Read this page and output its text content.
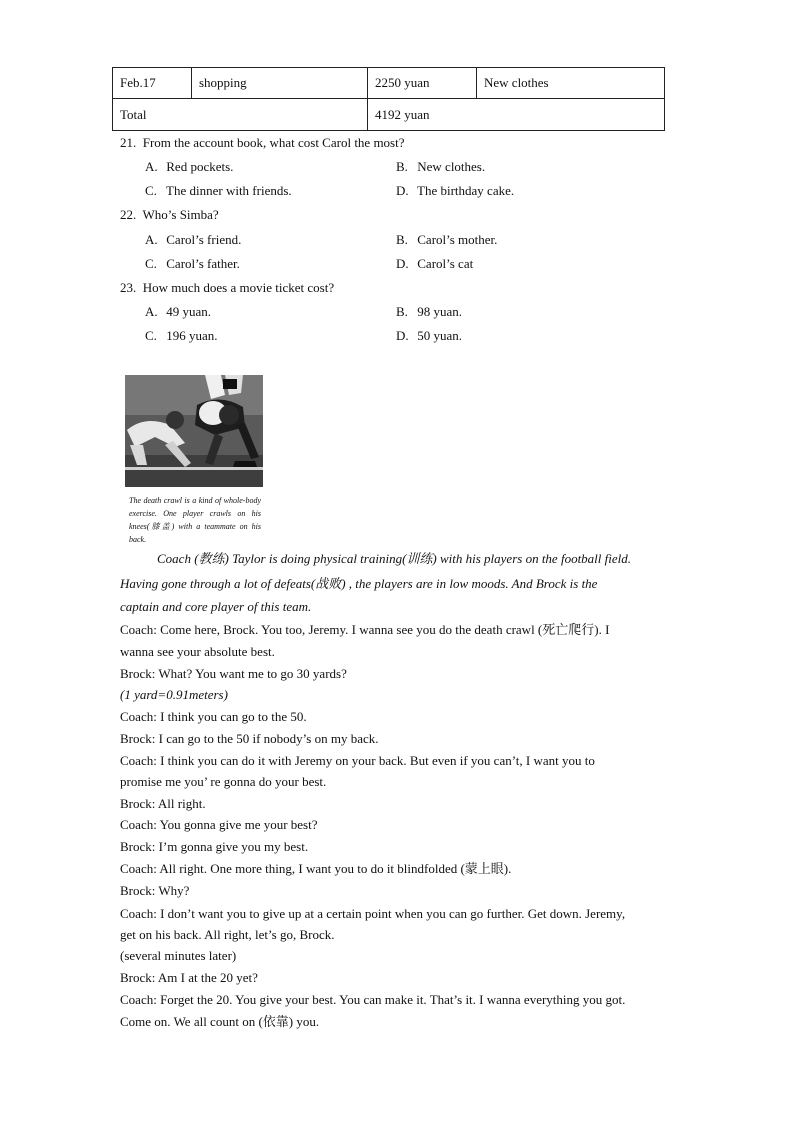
Feb.17	shopping	2250 yuan	New clothes
Total		4192 yuan	
21. From the account book, what cost Carol the most?
A. Red pockets.	B. New clothes.
C. The dinner with friends.	D. The birthday cake.
22. Who’s Simba?
A. Carol’s friend.	B. Carol’s mother.
C. Carol’s father.	D. Carol’s cat
23. How much does a movie ticket cost?
A. 49 yuan.	B. 98 yuan.
C. 196 yuan.	D. 50 yuan.
The death crawl is a kind of whole-body exercise. One player crawls on his knees(膝盖) with a teammate on his back.
Coach (教练) Taylor is doing physical training(训练) with his players on the football field.
Having gone through a lot of defeats(战败) , the players are in low moods. And Brock is the
captain and core player of this team.
Coach: Come here, Brock. You too, Jeremy. I wanna see you do the death crawl (死亡爬行). I
wanna see your absolute best.
Brock: What? You want me to go 30 yards?
(1 yard=0.91meters)
Coach: I think you can go to the 50.
Brock: I can go to the 50 if nobody’s on my back.
Coach: I think you can do it with Jeremy on your back. But even if you can’t, I want you to
promise me you’ re gonna do your best.
Brock: All right.
Coach: You gonna give me your best?
Brock: I’m gonna give you my best.
Coach: All right. One more thing, I want you to do it blindfolded (蒙上眼).
Brock: Why?
Coach: I don’t want you to give up at a certain point when you can go further. Get down. Jeremy,
get on his back. All right, let’s go, Brock.
(several minutes later)
Brock: Am I at the 20 yet?
Coach: Forget the 20. You give your best. You can make it. That’s it. I wanna everything you got.
Come on. We all count on (依靠) you.
